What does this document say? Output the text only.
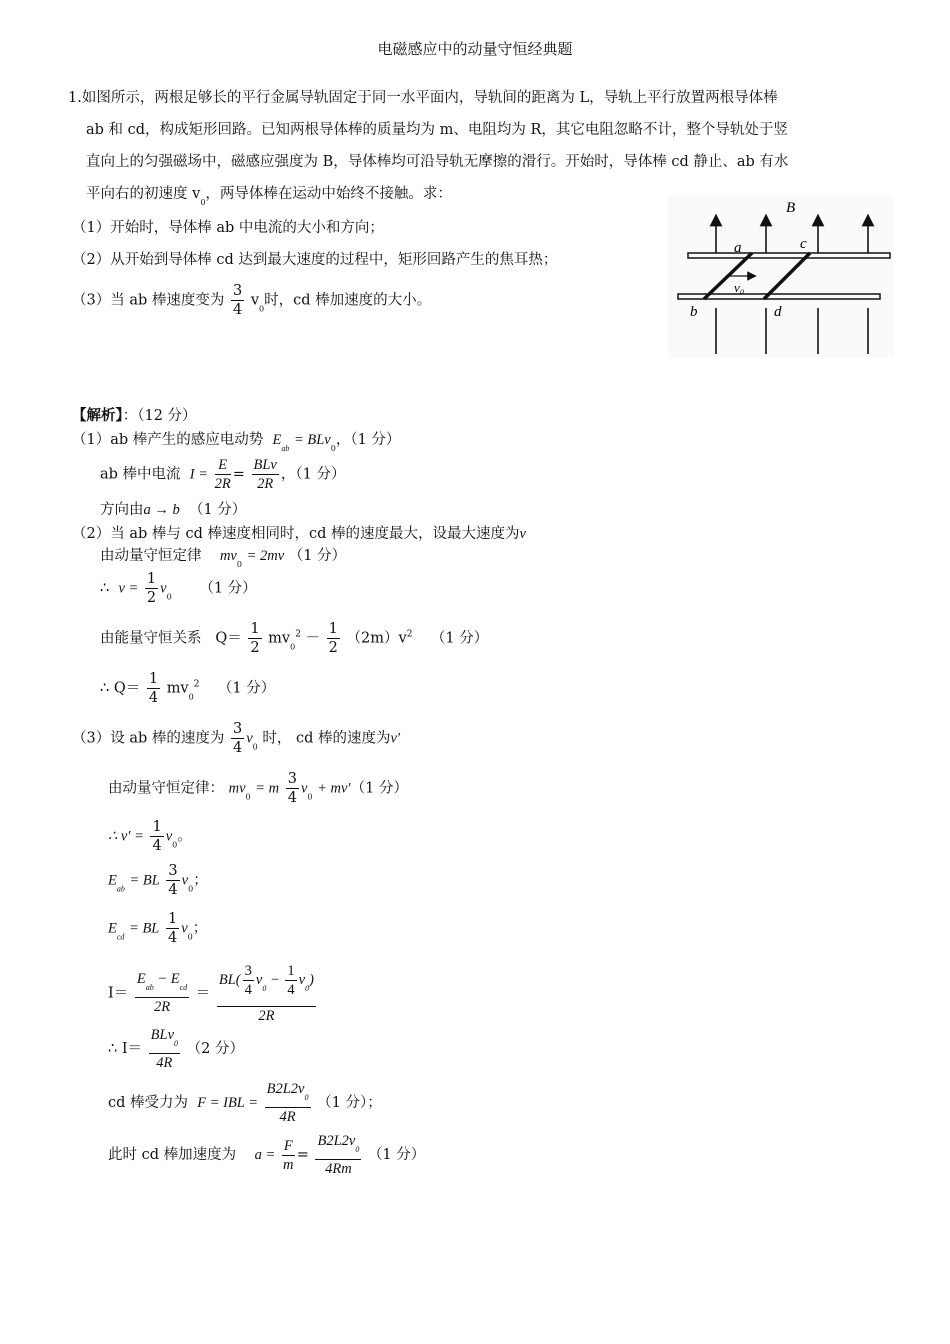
电磁感应中的动量守恒经典题
1.如图所示，两根足够长的平行金属导轨固定于同一水平面内，导轨间的距离为 L，导轨上平行放置两根导体棒
ab 和 cd，构成矩形回路。已知两根导体棒的质量均为 m、电阻均为 R，其它电阻忽略不计，整个导轨处于竖
直向上的匀强磁场中，磁感应强度为 B，导体棒均可沿导轨无摩擦的滑行。开始时，导体棒 cd 静止、ab 有水
平向右的初速度 $v_0$，两导体棒在运动中始终不接触。求：
（1）开始时，导体棒 ab 中电流的大小和方向；
（2）从开始到导体棒 cd 达到最大速度的过程中，矩形回路产生的焦耳热；
（3）当 ab 棒速度变为 $\frac{3}{4} v_0$时，cd 棒加速度的大小。
B
a	c
b	d
v₀
【解析】：（12 分）
（1）ab 棒产生的感应电动势 $E_{ab} = BLv_0$，（1 分）
ab 棒中电流 $I = \frac{E}{2R} = \frac{\text{BLv}}{2R}$ ，（1 分）
方向由a → b （1 分）
（2）当 ab 棒与 cd 棒速度相同时，cd 棒的速度最大，设最大速度为v
由动量守恒定律 $mv_0 = 2mv$ （1 分）
∴ $v = \frac{1}{2} v_0$      （1 分）
由能量守恒关系 $Q= \frac{1}{2} mv_0^2 - \frac{1}{2} (2m)v^2$ （1 分）
∴ $Q= \frac{1}{4} mv_0^2$ （1 分）
（3）设 ab 棒的速度为 $\frac{3}{4} v_0$ 时， cd 棒的速度为v′
由动量守恒定律： $mv_0 = m \frac{3}{4} v_0 + mv'(1$ 分）
∴ $v' = \frac{1}{4} v_0$。
$E_{ab}$ = BL $\frac{3}{4} v_0$；
$E_{cd}$ = BL $\frac{1}{4} v_0$；
$I= \frac{E_{ab} - E_{cd}}{2R} = \frac{BL( \frac{3}{4} v_0 - \frac{1}{4} v_0)}{2R}$
∴ $I= \frac{BLv_0}{4R} (2$ 分）
cd 棒受力为 F = IBL = $\frac{B2L2v_0}{4R} (1$ 分）；
此时 cd 棒加速度为 $a = \frac{F}{m} = \frac{B2L2v_0}{4Rm} (1$ 分）
